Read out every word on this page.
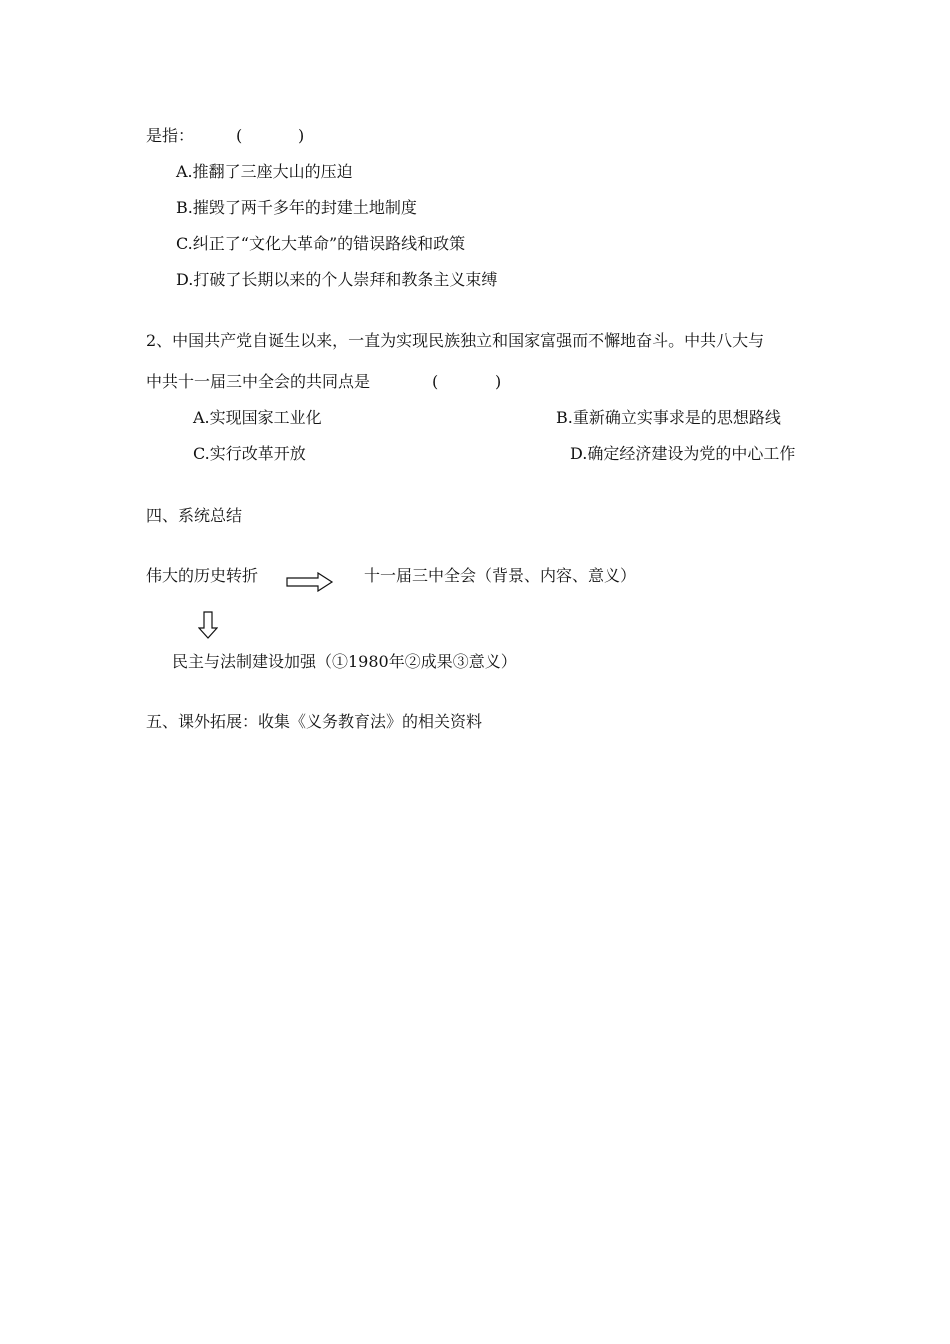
是指：	(	)
A.推翻了三座大山的压迫
B.摧毁了两千多年的封建土地制度
C.纠正了“文化大革命”的错误路线和政策
D.打破了长期以来的个人崇拜和教条主义束缚
2、中国共产党自诞生以来，一直为实现民族独立和国家富强而不懈地奋斗。中共八大与
中共十一届三中全会的共同点是	(	)
A.实现国家工业化	B.重新确立实事求是的思想路线
C.实行改革开放	D.确定经济建设为党的中心工作
四、系统总结
伟大的历史转折	十一届三中全会（背景、内容、意义）
民主与法制建设加强（①1980年②成果③意义）
五、课外拓展：收集《义务教育法》的相关资料
